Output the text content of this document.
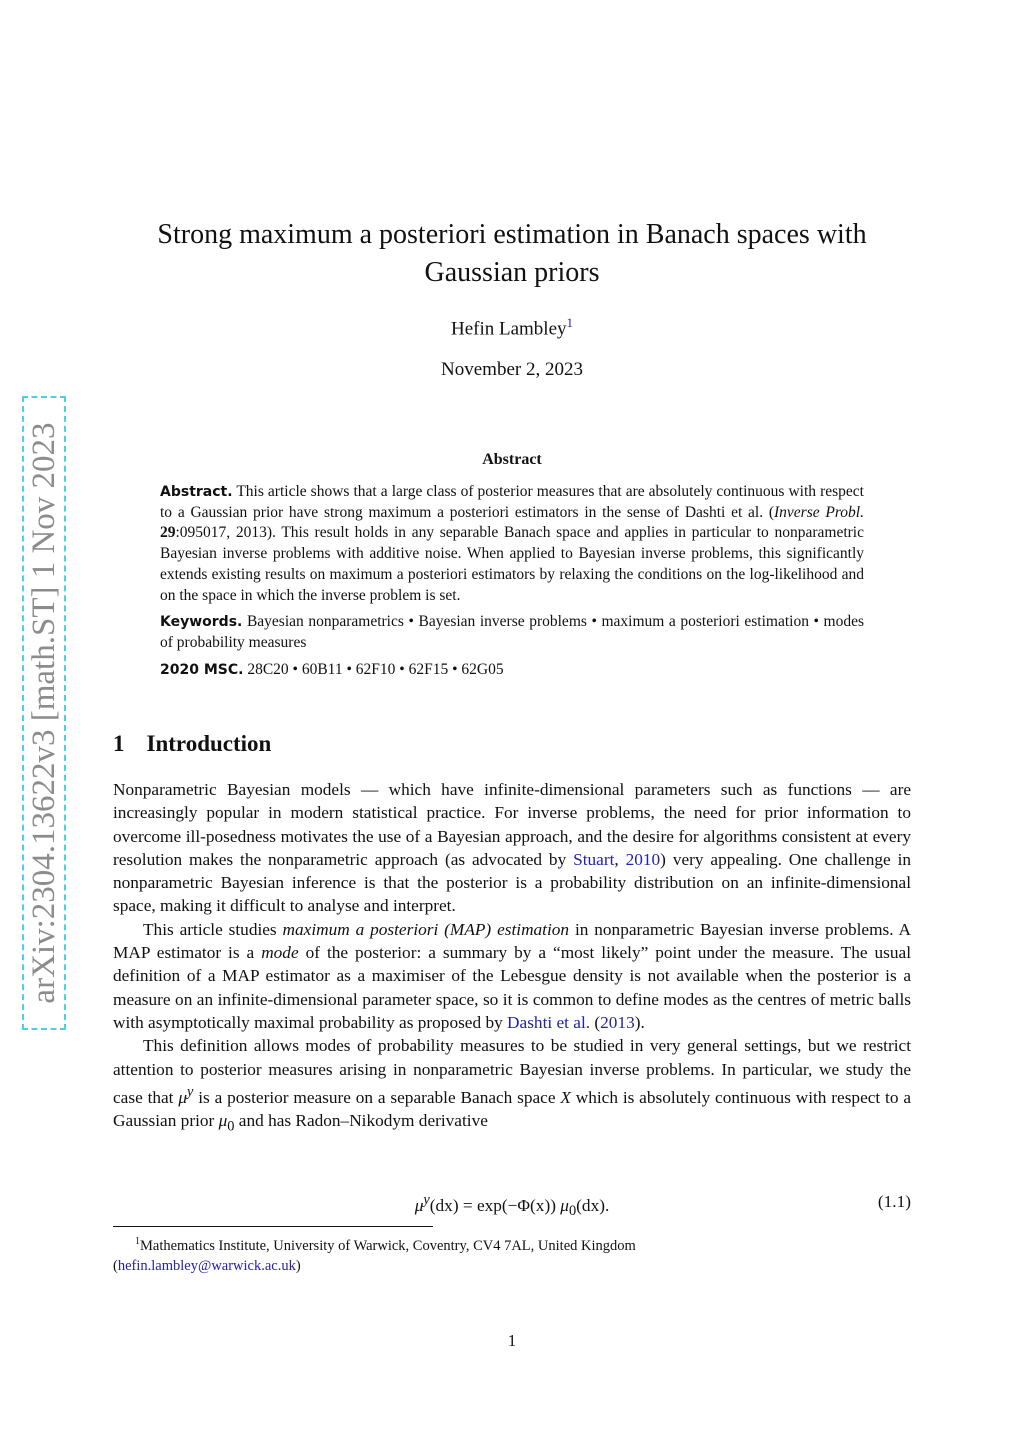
arXiv:2304.13622v3 [math.ST] 1 Nov 2023
Strong maximum a posteriori estimation in Banach spaces with Gaussian priors
Hefin Lambley$^1$
November 2, 2023
Abstract

Abstract. This article shows that a large class of posterior measures that are absolutely continuous with respect to a Gaussian prior have strong maximum a posteriori estimators in the sense of Dashti et al. (Inverse Probl. 29:095017, 2013). This result holds in any separable Banach space and applies in particular to nonparametric Bayesian inverse problems with additive noise. When applied to Bayesian inverse problems, this significantly extends existing results on maximum a posteriori estimators by relaxing the conditions on the log-likelihood and on the space in which the inverse problem is set.

Keywords. Bayesian nonparametrics • Bayesian inverse problems • maximum a posteriori estimation • modes of probability measures

2020 MSC. 28C20 • 60B11 • 62F10 • 62F15 • 62G05

1 Introduction

Nonparametric Bayesian models — which have infinite-dimensional parameters such as functions — are increasingly popular in modern statistical practice. For inverse problems, the need for prior information to overcome ill-posedness motivates the use of a Bayesian approach, and the desire for algorithms consistent at every resolution makes the nonparametric approach (as advocated by Stuart, 2010) very appealing. One challenge in nonparametric Bayesian inference is that the posterior is a probability distribution on an infinite-dimensional space, making it difficult to analyse and interpret.

This article studies maximum a posteriori (MAP) estimation in nonparametric Bayesian inverse problems. A MAP estimator is a mode of the posterior: a summary by a “most likely” point under the measure. The usual definition of a MAP estimator as a maximiser of the Lebesgue density is not available when the posterior is a measure on an infinite-dimensional parameter space, so it is common to define modes as the centres of metric balls with asymptotically maximal probability as proposed by Dashti et al. (2013).

This definition allows modes of probability measures to be studied in very general settings, but we restrict attention to posterior measures arising in nonparametric Bayesian inverse problems. In particular, we study the case that $\mu^y$ is a posterior measure on a separable Banach space X which is absolutely continuous with respect to a Gaussian prior $\mu_0$ and has Radon–Nikodym derivative

$\mu^y(dx) = \exp(-\Phi(x))$ $\mu_0(dx)$.	(1.1)
$^1$Mathematics Institute, University of Warwick, Coventry, CV4 7AL, United Kingdom
(hefin.lambley@warwick.ac.uk)
1
